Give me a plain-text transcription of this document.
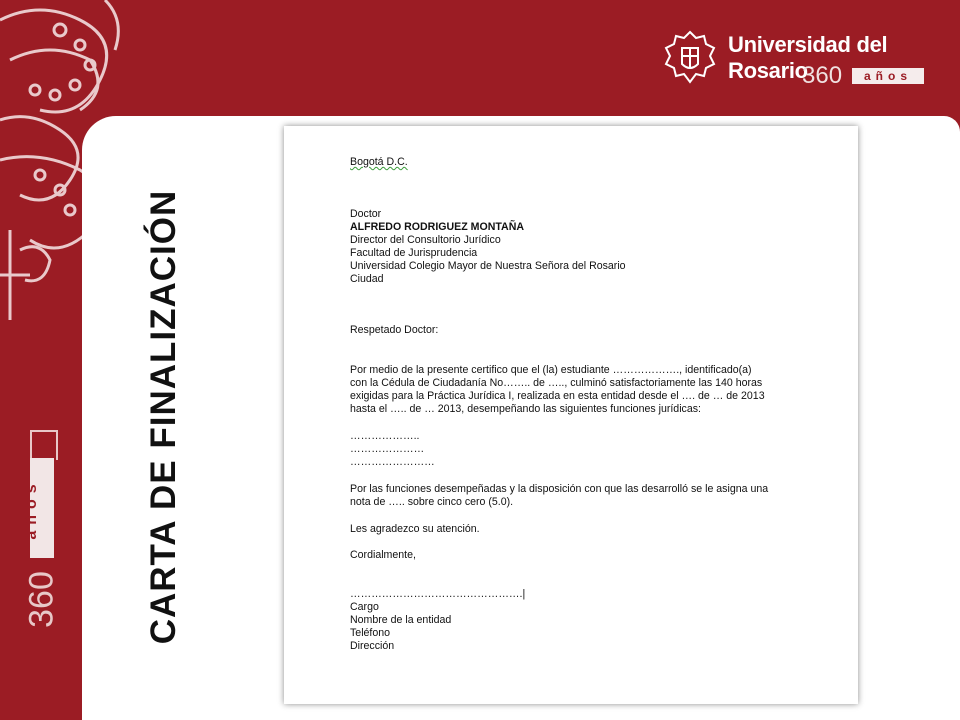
años
360
Universidad del Rosario
360	años
CARTA DE FINALIZACIÓN
Bogotá D.C.
Doctor
ALFREDO RODRIGUEZ MONTAÑA
Director del Consultorio Jurídico
Facultad de Jurisprudencia
Universidad Colegio Mayor de Nuestra Señora del Rosario
Ciudad
Respetado Doctor:
Por medio de la presente certifico que el (la) estudiante ………………., identificado(a)
con la Cédula de Ciudadanía No…….. de ….., culminó satisfactoriamente las 140 horas
exigidas para la Práctica Jurídica I, realizada en esta entidad desde el …. de … de 2013
hasta el ….. de … 2013, desempeñando las siguientes funciones jurídicas:
………………..
…………………
……………………
Por las funciones desempeñadas y la disposición con que las desarrolló se le asigna una
nota de ….. sobre cinco cero (5.0).
Les agradezco su atención.
Cordialmente,
………………………………………….|
Cargo
Nombre de la entidad
Teléfono
Dirección
